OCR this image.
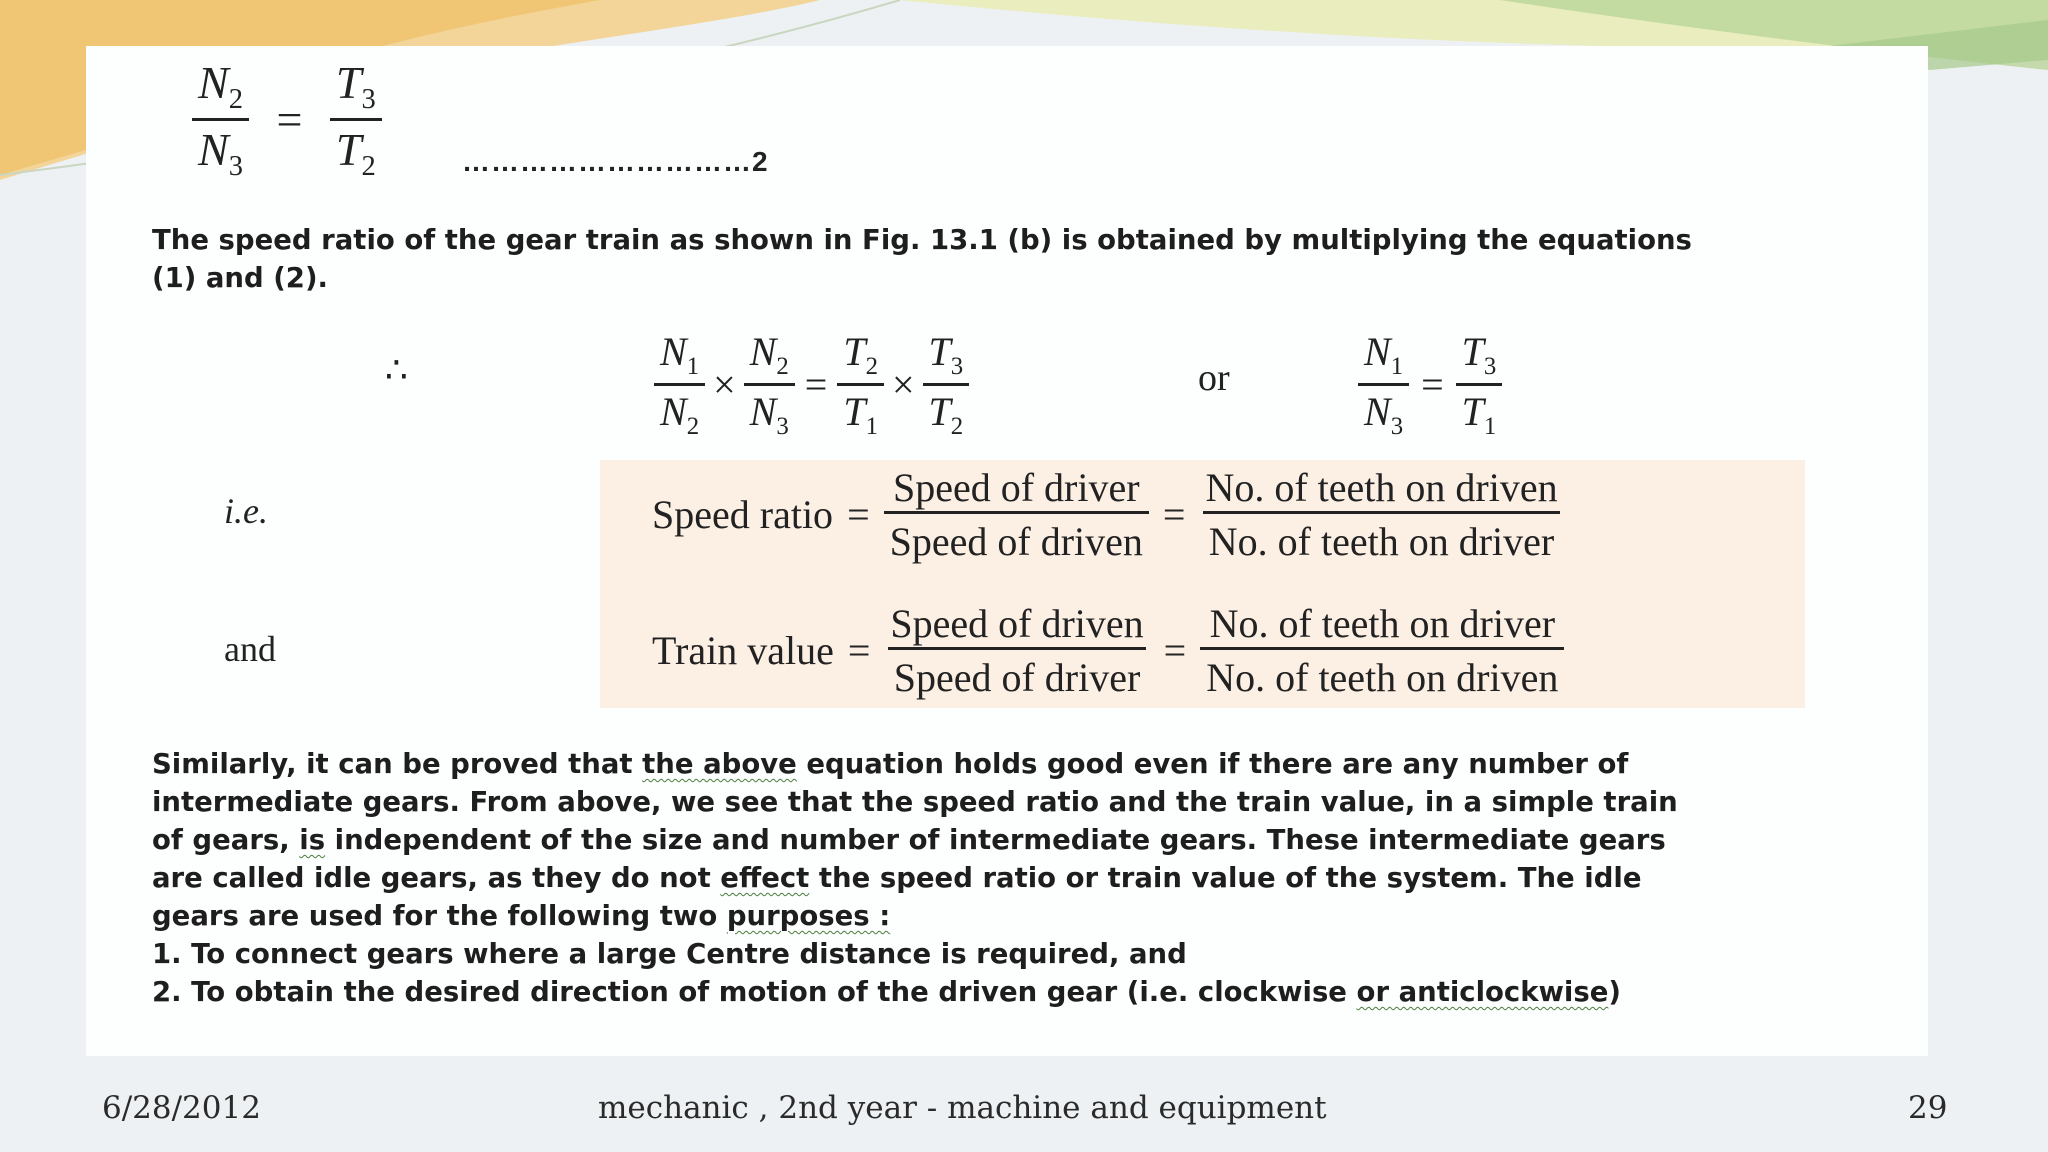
$\frac{N_2}{N_3} = \frac{T_3}{T_2}$	…………………………2

The speed ratio of the gear train as shown in Fig. 13.1 (b) is obtained by multiplying the equations
(1) and (2).

∴	$\frac{N_1}{N_2} \times \frac{N_2}{N_3} = \frac{T_2}{T_1} \times \frac{T_3}{T_2}$	or	$\frac{N_1}{N_3} = \frac{T_3}{T_1}$
i.e.	Speed ratio = $\frac{\text{Speed of driver}}{\text{Speed of driven}} = \frac{\text{No. of teeth on driven}}{\text{No. of teeth on driver}}$
and	Train value = $\frac{\text{Speed of driven}}{\text{Speed of driver}} = \frac{\text{No. of teeth on driver}}{\text{No. of teeth on driven}}$

Similarly, it can be proved that the above equation holds good even if there are any number of
intermediate gears. From above, we see that the speed ratio and the train value, in a simple train
of gears, is independent of the size and number of intermediate gears. These intermediate gears
are called idle gears, as they do not effect the speed ratio or train value of the system. The idle
gears are used for the following two purposes :
1. To connect gears where a large Centre distance is required, and
2. To obtain the desired direction of motion of the driven gear (i.e. clockwise or anticlockwise)

6/28/2012	mechanic , 2nd year - machine and equipment	29
